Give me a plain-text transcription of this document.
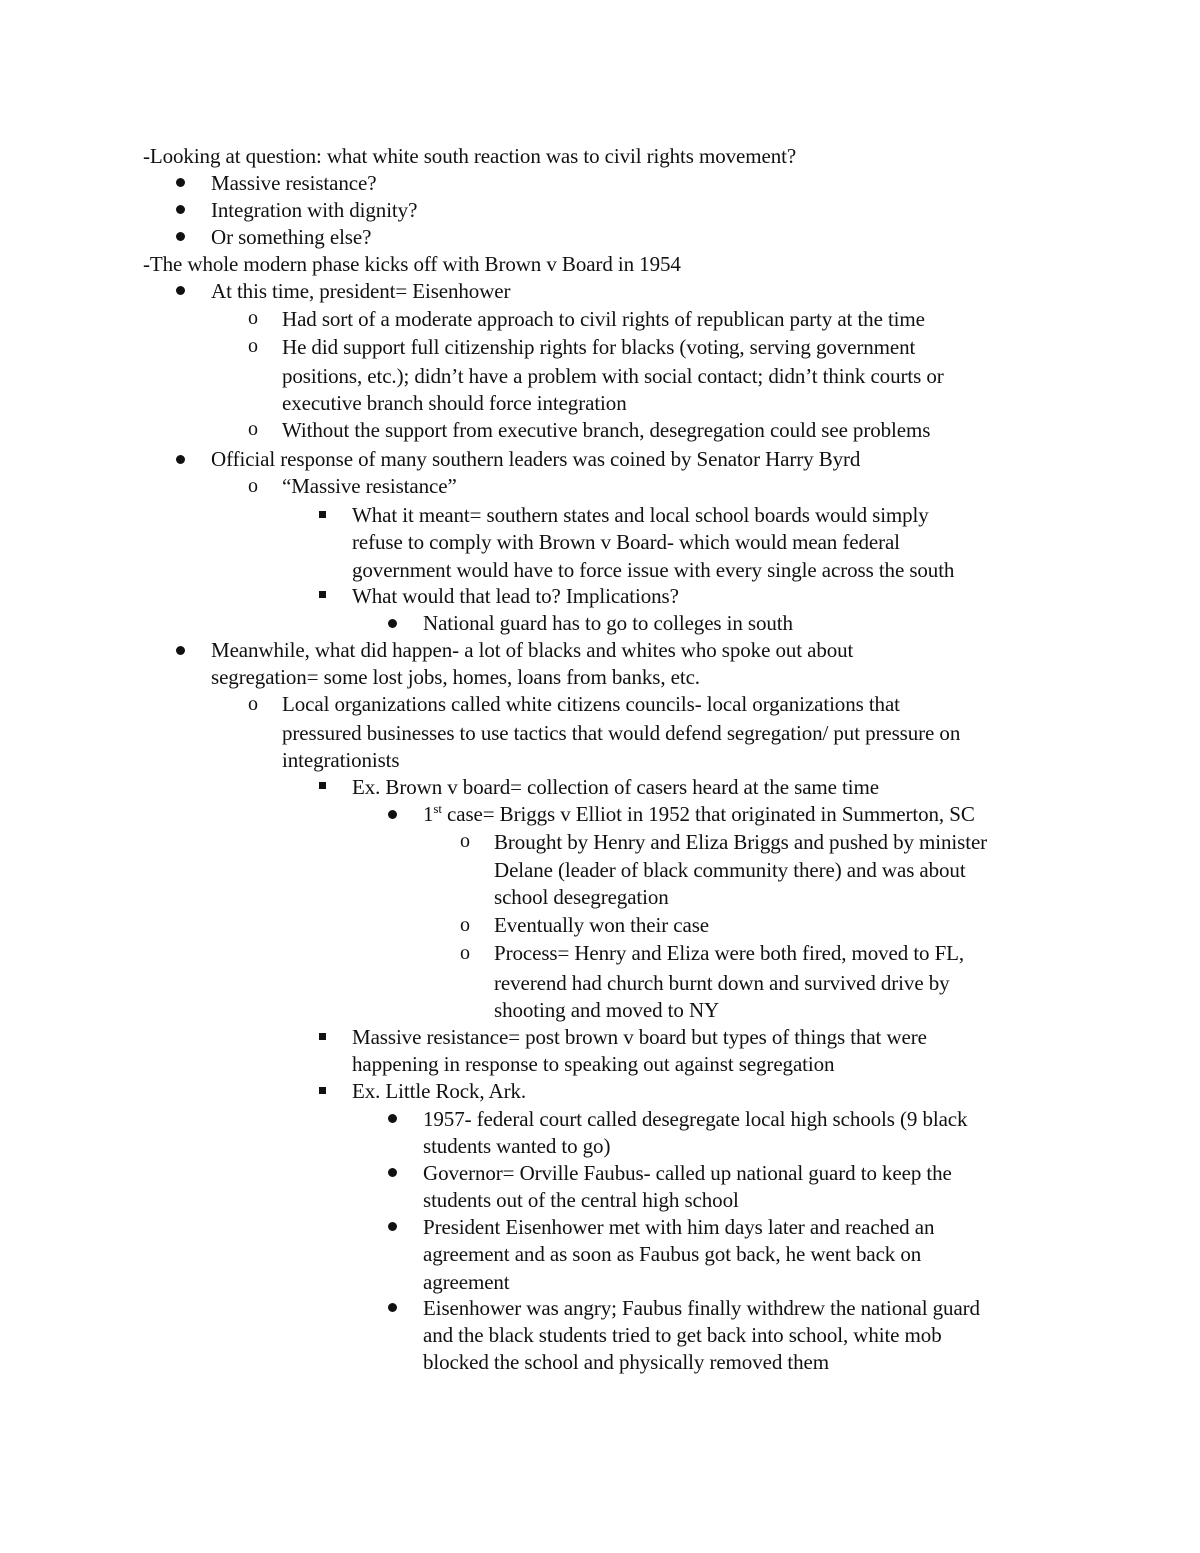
-Looking at question: what white south reaction was to civil rights movement?
Massive resistance?
Integration with dignity?
Or something else?
-The whole modern phase kicks off with Brown v Board in 1954
At this time, president= Eisenhower
o Had sort of a moderate approach to civil rights of republican party at the time
o He did support full citizenship rights for blacks (voting, serving government
positions, etc.); didn’t have a problem with social contact; didn’t think courts or
executive branch should force integration
o Without the support from executive branch, desegregation could see problems
Official response of many southern leaders was coined by Senator Harry Byrd
o “Massive resistance”
What it meant= southern states and local school boards would simply
refuse to comply with Brown v Board- which would mean federal
government would have to force issue with every single across the south
What would that lead to? Implications?
National guard has to go to colleges in south
Meanwhile, what did happen- a lot of blacks and whites who spoke out about
segregation= some lost jobs, homes, loans from banks, etc.
o Local organizations called white citizens councils- local organizations that
pressured businesses to use tactics that would defend segregation/ put pressure on
integrationists
Ex. Brown v board= collection of casers heard at the same time
1st case= Briggs v Elliot in 1952 that originated in Summerton, SC
o Brought by Henry and Eliza Briggs and pushed by minister
Delane (leader of black community there) and was about
school desegregation
o Eventually won their case
o Process= Henry and Eliza were both fired, moved to FL,
reverend had church burnt down and survived drive by
shooting and moved to NY
Massive resistance= post brown v board but types of things that were
happening in response to speaking out against segregation
Ex. Little Rock, Ark.
1957- federal court called desegregate local high schools (9 black
students wanted to go)
Governor= Orville Faubus- called up national guard to keep the
students out of the central high school
President Eisenhower met with him days later and reached an
agreement and as soon as Faubus got back, he went back on
agreement
Eisenhower was angry; Faubus finally withdrew the national guard
and the black students tried to get back into school, white mob
blocked the school and physically removed them
